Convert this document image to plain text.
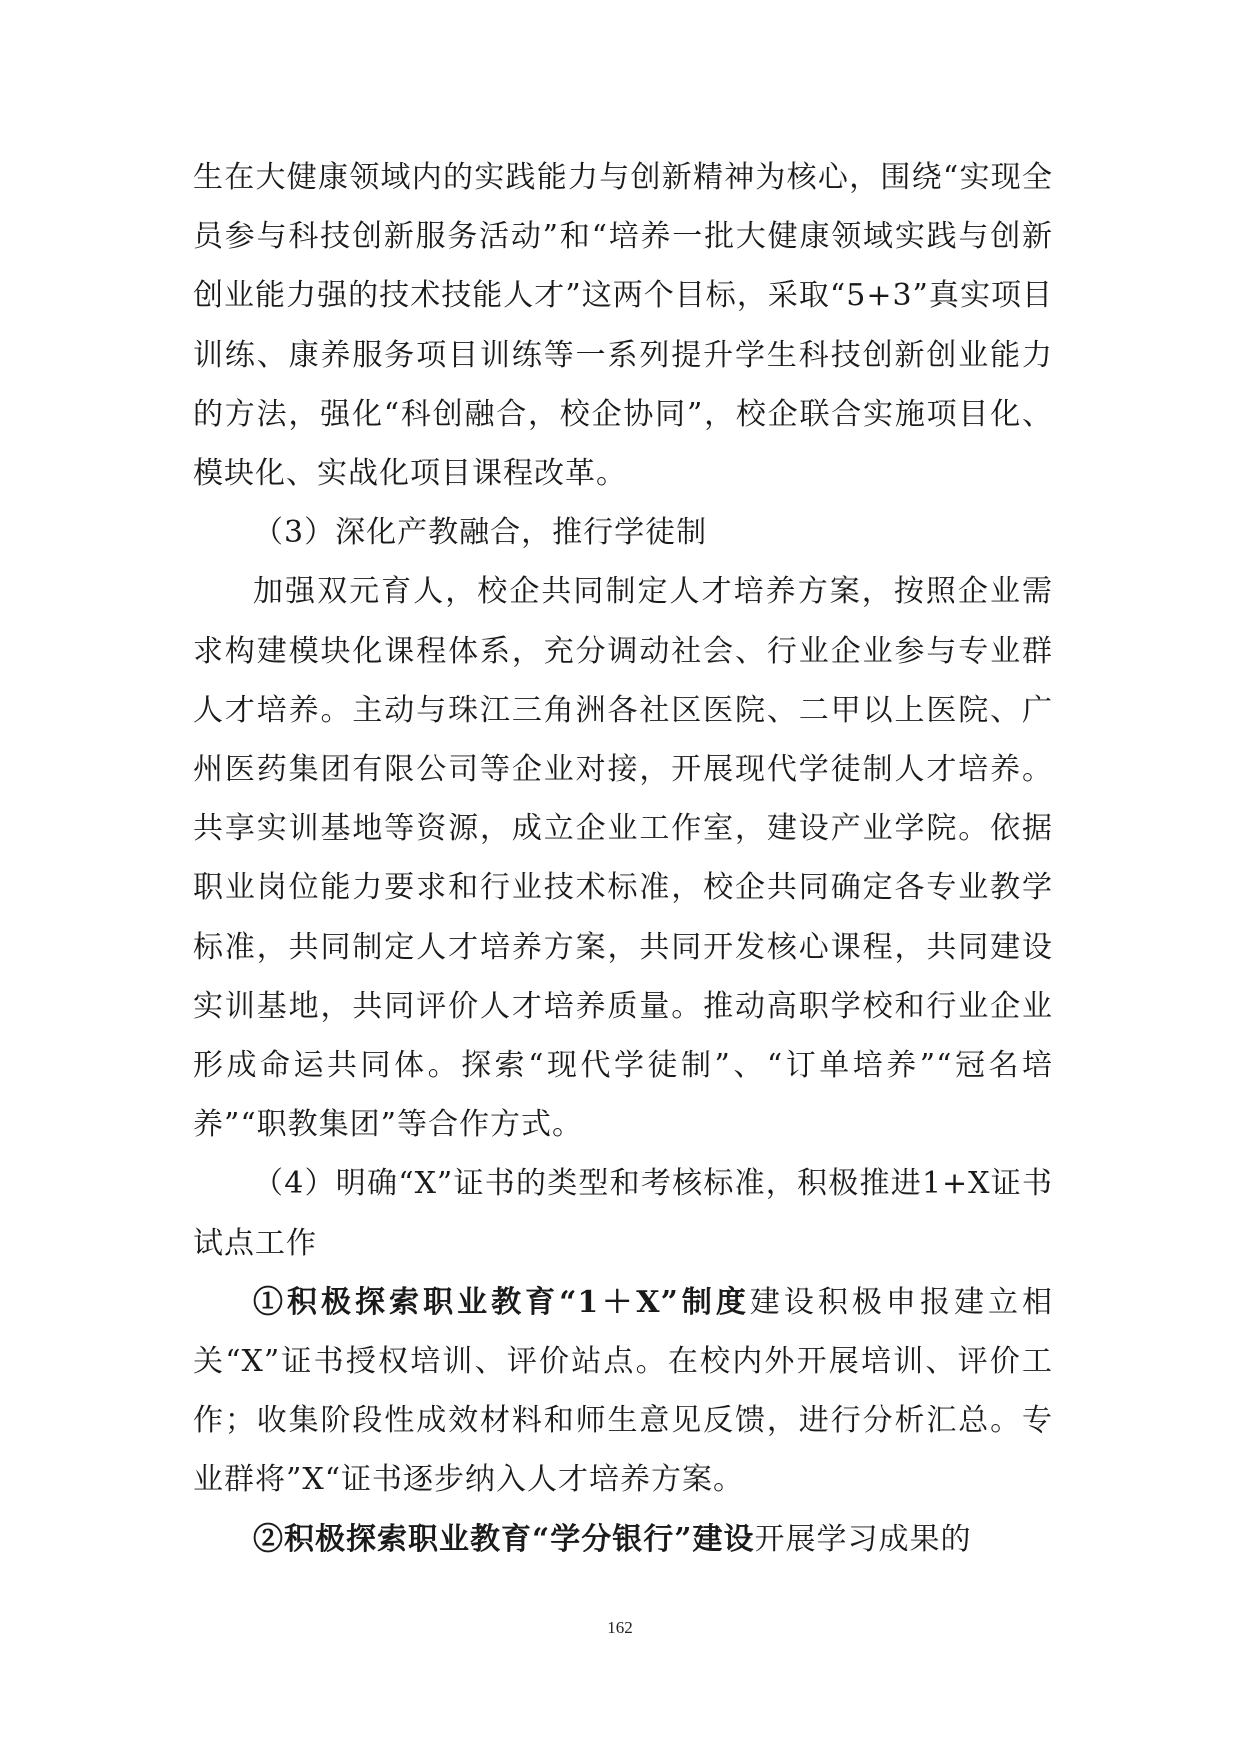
生在大健康领域内的实践能力与创新精神为核心，围绕“实现全员参与科技创新服务活动”和“培养一批大健康领域实践与创新创业能力强的技术技能人才”这两个目标，采取“5+3”真实项目训练、康养服务项目训练等一系列提升学生科技创新创业能力的方法，强化“科创融合，校企协同”，校企联合实施项目化、模块化、实战化项目课程改革。

（3）深化产教融合，推行学徒制

加强双元育人，校企共同制定人才培养方案，按照企业需求构建模块化课程体系，充分调动社会、行业企业参与专业群人才培养。主动与珠江三角洲各社区医院、二甲以上医院、广州医药集团有限公司等企业对接，开展现代学徒制人才培养。共享实训基地等资源，成立企业工作室，建设产业学院。依据职业岗位能力要求和行业技术标准，校企共同确定各专业教学标准，共同制定人才培养方案，共同开发核心课程，共同建设实训基地，共同评价人才培养质量。推动高职学校和行业企业形成命运共同体。探索“现代学徒制”、“订单培养”“冠名培养”“职教集团”等合作方式。

（4）明确“X”证书的类型和考核标准，积极推进1+X证书试点工作

①积极探索职业教育“1＋X”制度建设积极申报建立相关“X”证书授权培训、评价站点。在校内外开展培训、评价工作；收集阶段性成效材料和师生意见反馈，进行分析汇总。专业群将”X“证书逐步纳入人才培养方案。

②积极探索职业教育“学分银行”建设开展学习成果的

162
